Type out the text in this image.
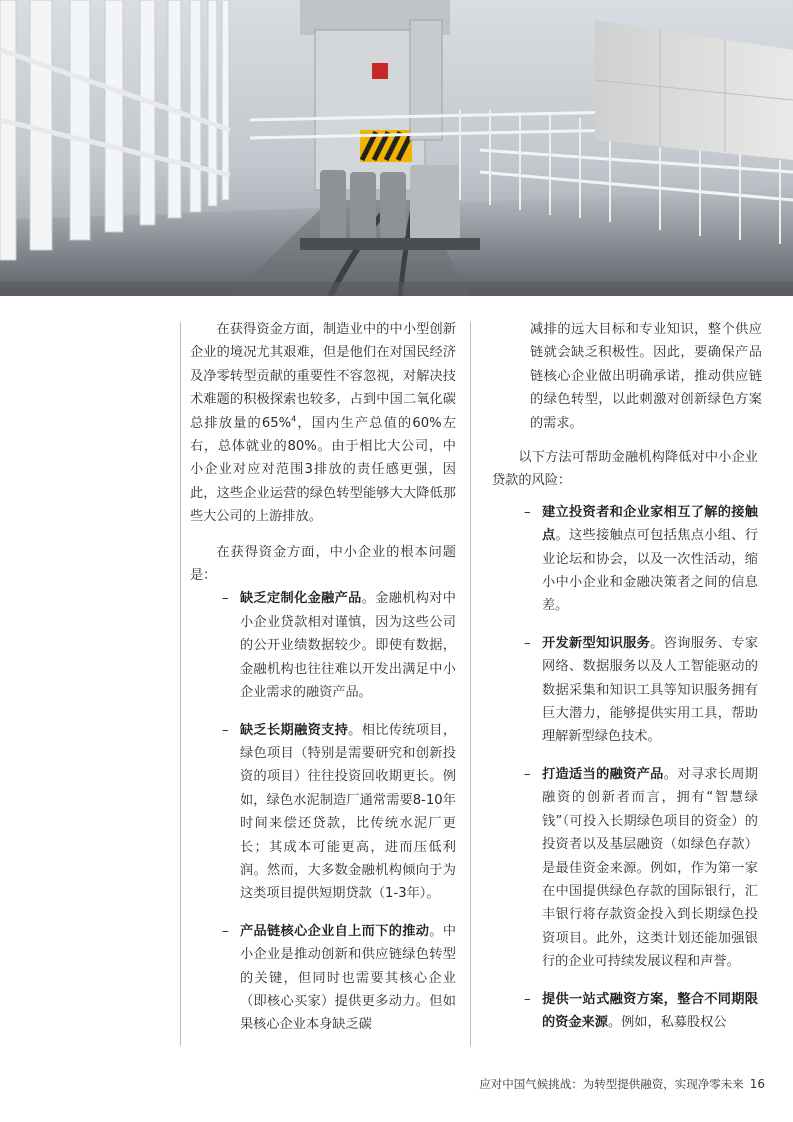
在获得资金方面，制造业中的中小型创新企业的境况尤其艰难，但是他们在对国民经济及净零转型贡献的重要性不容忽视，对解决技术难题的积极探索也较多，占到中国二氧化碳总排放量的65%$^4$，国内生产总值的60%左右，总体就业的80%。由于相比大公司，中小企业对应对范围3排放的责任感更强，因此，这些企业运营的绿色转型能够大大降低那些大公司的上游排放。

在获得资金方面，中小企业的根本问题是：

– 缺乏定制化金融产品。金融机构对中小企业贷款相对谨慎，因为这些公司的公开业绩数据较少。即使有数据，金融机构也往往难以开发出满足中小企业需求的融资产品。
– 缺乏长期融资支持。相比传统项目，绿色项目（特别是需要研究和创新投资的项目）往往投资回收期更长。例如，绿色水泥制造厂通常需要8-10年时间来偿还贷款，比传统水泥厂更长；其成本可能更高，进而压低利润。然而，大多数金融机构倾向于为这类项目提供短期贷款（1-3年）。
– 产品链核心企业自上而下的推动。中小企业是推动创新和供应链绿色转型的关键，但同时也需要其核心企业（即核心买家）提供更多动力。但如果核心企业本身缺乏碳

减排的远大目标和专业知识，整个供应链就会缺乏积极性。因此，要确保产品链核心企业做出明确承诺，推动供应链的绿色转型，以此刺激对创新绿色方案的需求。

以下方法可帮助金融机构降低对中小企业贷款的风险：

– 建立投资者和企业家相互了解的接触点。这些接触点可包括焦点小组、行业论坛和协会，以及一次性活动，缩小中小企业和金融决策者之间的信息差。
– 开发新型知识服务。咨询服务、专家网络、数据服务以及人工智能驱动的数据采集和知识工具等知识服务拥有巨大潜力，能够提供实用工具，帮助理解新型绿色技术。
– 打造适当的融资产品。对寻求长周期融资的创新者而言，拥有“智慧绿钱”（可投入长期绿色项目的资金）的投资者以及基层融资（如绿色存款）是最佳资金来源。例如，作为第一家在中国提供绿色存款的国际银行，汇丰银行将存款资金投入到长期绿色投资项目。此外，这类计划还能加强银行的企业可持续发展议程和声誉。
– 提供一站式融资方案，整合不同期限的资金来源。例如，私募股权公
应对中国气候挑战：为转型提供融资，实现净零未来 16
